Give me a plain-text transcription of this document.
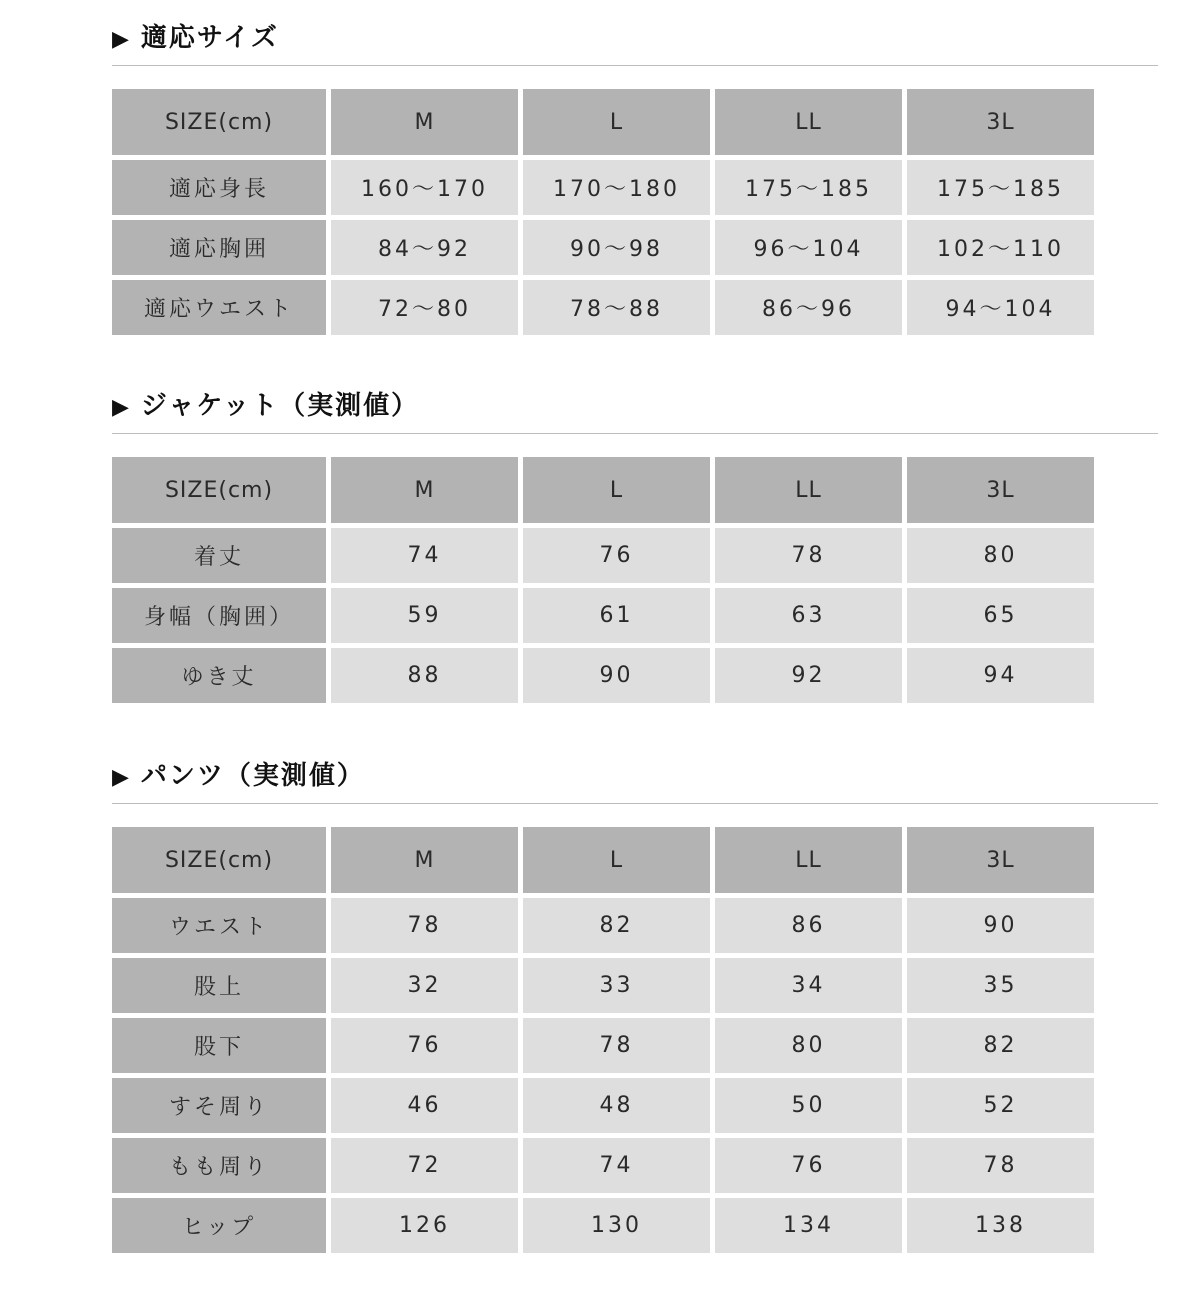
▶ 適応サイズ
SIZE(cm)	M	L	LL	3L
適応身長	160〜170	170〜180	175〜185	175〜185
適応胸囲	84〜92	90〜98	96〜104	102〜110
適応ウエスト	72〜80	78〜88	86〜96	94〜104
▶ ジャケット（実測値）
SIZE(cm)	M	L	LL	3L
着丈	74	76	78	80
身幅（胸囲）	59	61	63	65
ゆき丈	88	90	92	94
▶ パンツ（実測値）
SIZE(cm)	M	L	LL	3L
ウエスト	78	82	86	90
股上	32	33	34	35
股下	76	78	80	82
すそ周り	46	48	50	52
もも周り	72	74	76	78
ヒップ	126	130	134	138
